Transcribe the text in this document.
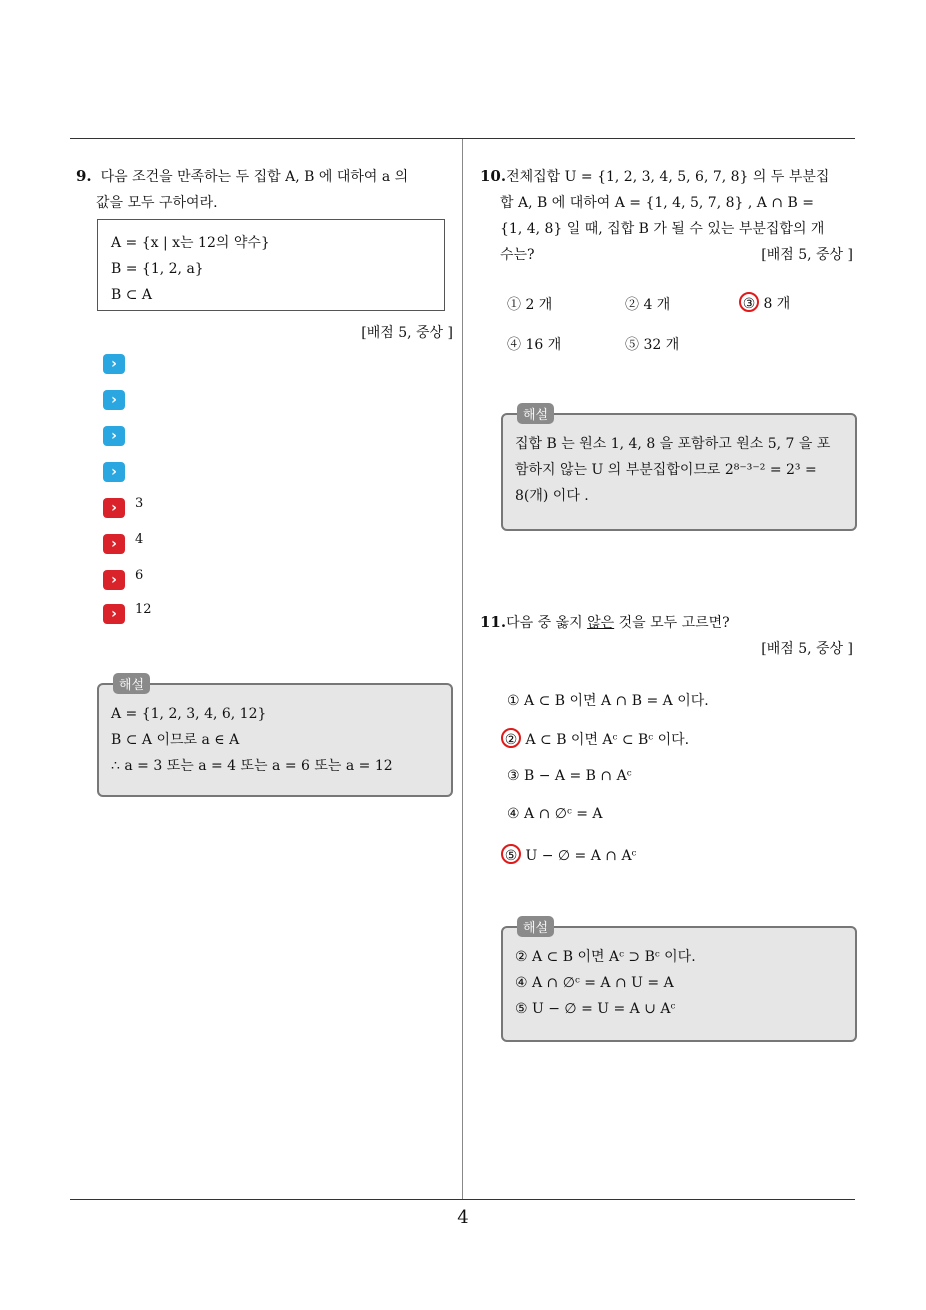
4
9. 다음 조건을 만족하는 두 집합 A, B 에 대하여 a 의
값을 모두 구하여라.
A = {x | x는 12의 약수}
B = {1, 2, a}
B ⊂ A
[배점 5, 중상 ]
›
›
›
›
›	3
›	4
›	6
›	12
A = {1, 2, 3, 4, 6, 12}
B ⊂ A 이므로 a ∈ A
∴ a = 3 또는 a = 4 또는 a = 6 또는 a = 12
해설
10.전체집합 U = {1, 2, 3, 4, 5, 6, 7, 8} 의 두 부분집
합 A, B 에 대하여 A = {1, 4, 5, 7, 8} , A ∩ B =
{1, 4, 8} 일 때, 집합 B 가 될 수 있는 부분집합의 개
수는?	[배점 5, 중상 ]
① 2 개	② 4 개	③ 8 개
④ 16 개	⑤ 32 개
집합 B 는 원소 1, 4, 8 을 포함하고 원소 5, 7 을 포
함하지 않는 U 의 부분집합이므로 2⁸⁻³⁻² = 2³ =
8(개) 이다 .
해설
11.다음 중 옳지 않은 것을 모두 고르면?
[배점 5, 중상 ]
① A ⊂ B 이면 A ∩ B = A 이다.
② A ⊂ B 이면 Aᶜ ⊂ Bᶜ 이다.
③ B − A = B ∩ Aᶜ
④ A ∩ ∅ᶜ = A
⑤ U − ∅ = A ∩ Aᶜ
② A ⊂ B 이면 Aᶜ ⊃ Bᶜ 이다.
④ A ∩ ∅ᶜ = A ∩ U = A
⑤ U − ∅ = U = A ∪ Aᶜ
해설
